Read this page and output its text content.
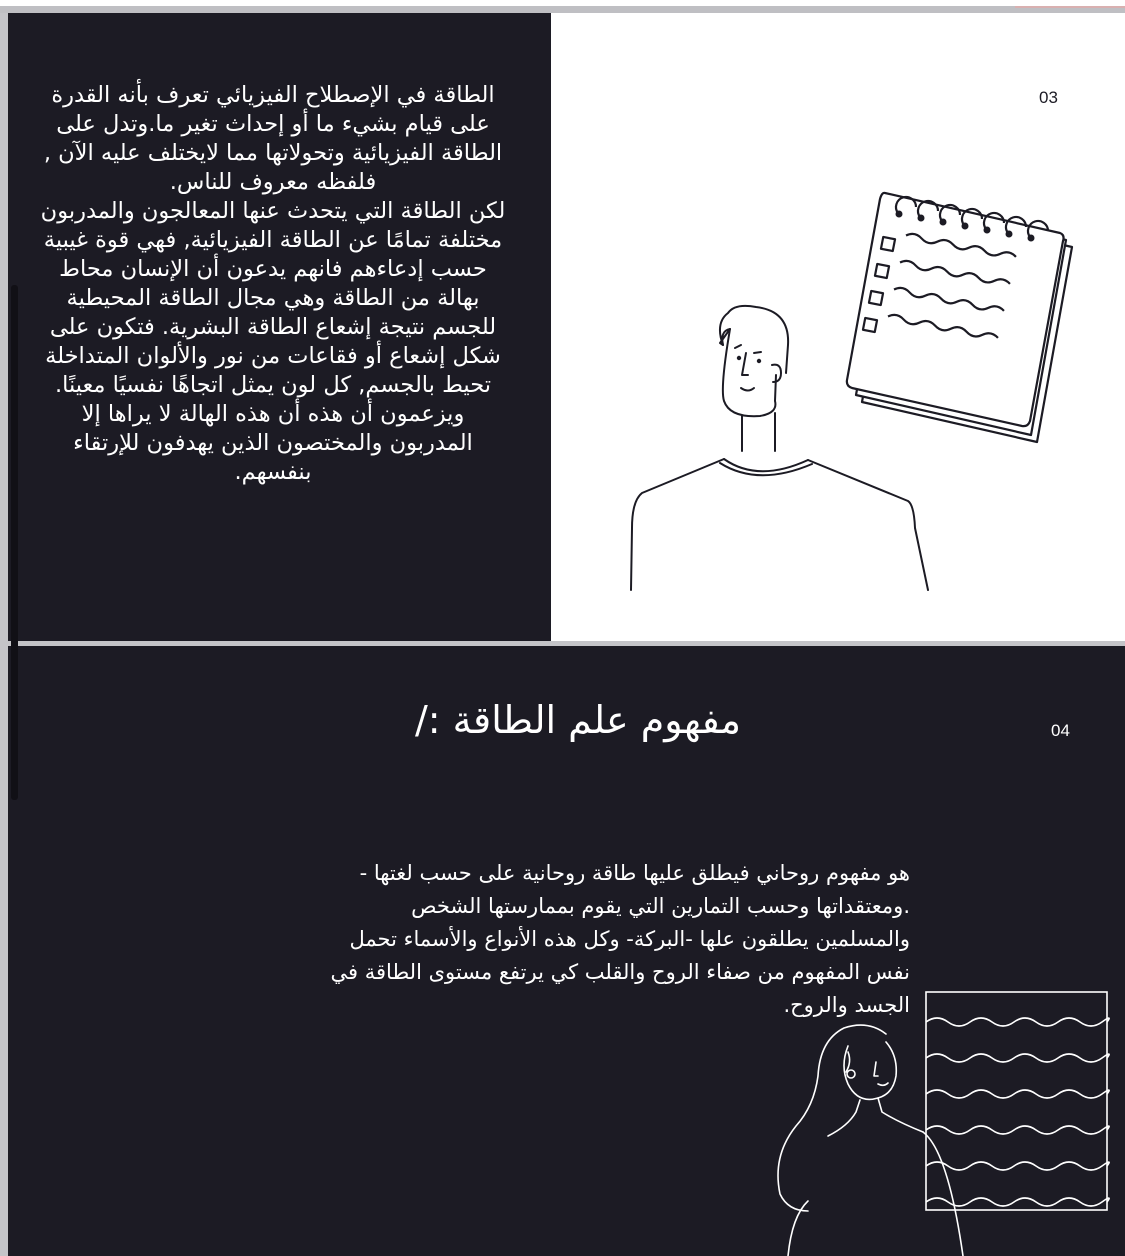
الطاقة في الإصطلاح الفيزيائي تعرف بأنه القدرة على قيام بشيء ما أو إحداث تغير ما.وتدل على الطاقة الفيزيائية وتحولاتها مما لايختلف عليه الآن , فلفظه معروف للناس.
لكن الطاقة التي يتحدث عنها المعالجون والمدربون مختلفة تمامًا عن الطاقة الفيزيائية, فهي قوة غيبية حسب إدعاءهم فانهم يدعون أن الإنسان محاط بهالة من الطاقة وهي مجال الطاقة المحيطية للجسم نتيجة إشعاع الطاقة البشرية. فتكون على شكل إشعاع أو فقاعات من نور والألوان المتداخلة تحيط بالجسم, كل لون يمثل اتجاهًا نفسيًا معينًا.
ويزعمون أن هذه أن هذه الهالة لا يراها إلا المدربون والمختصون الذين يهدفون للإرتقاء بنفسهم.
03
مفهوم علم الطاقة :/	04
هو مفهوم روحاني فيطلق عليها طاقة روحانية على حسب لغتها -
.ومعتقداتها وحسب التمارين التي يقوم بممارستها الشخص
والمسلمين يطلقون علها -البركة- وكل هذه الأنواع والأسماء تحمل
نفس المفهوم من صفاء الروح والقلب كي يرتفع مستوى الطاقة في
الجسد والروح.
